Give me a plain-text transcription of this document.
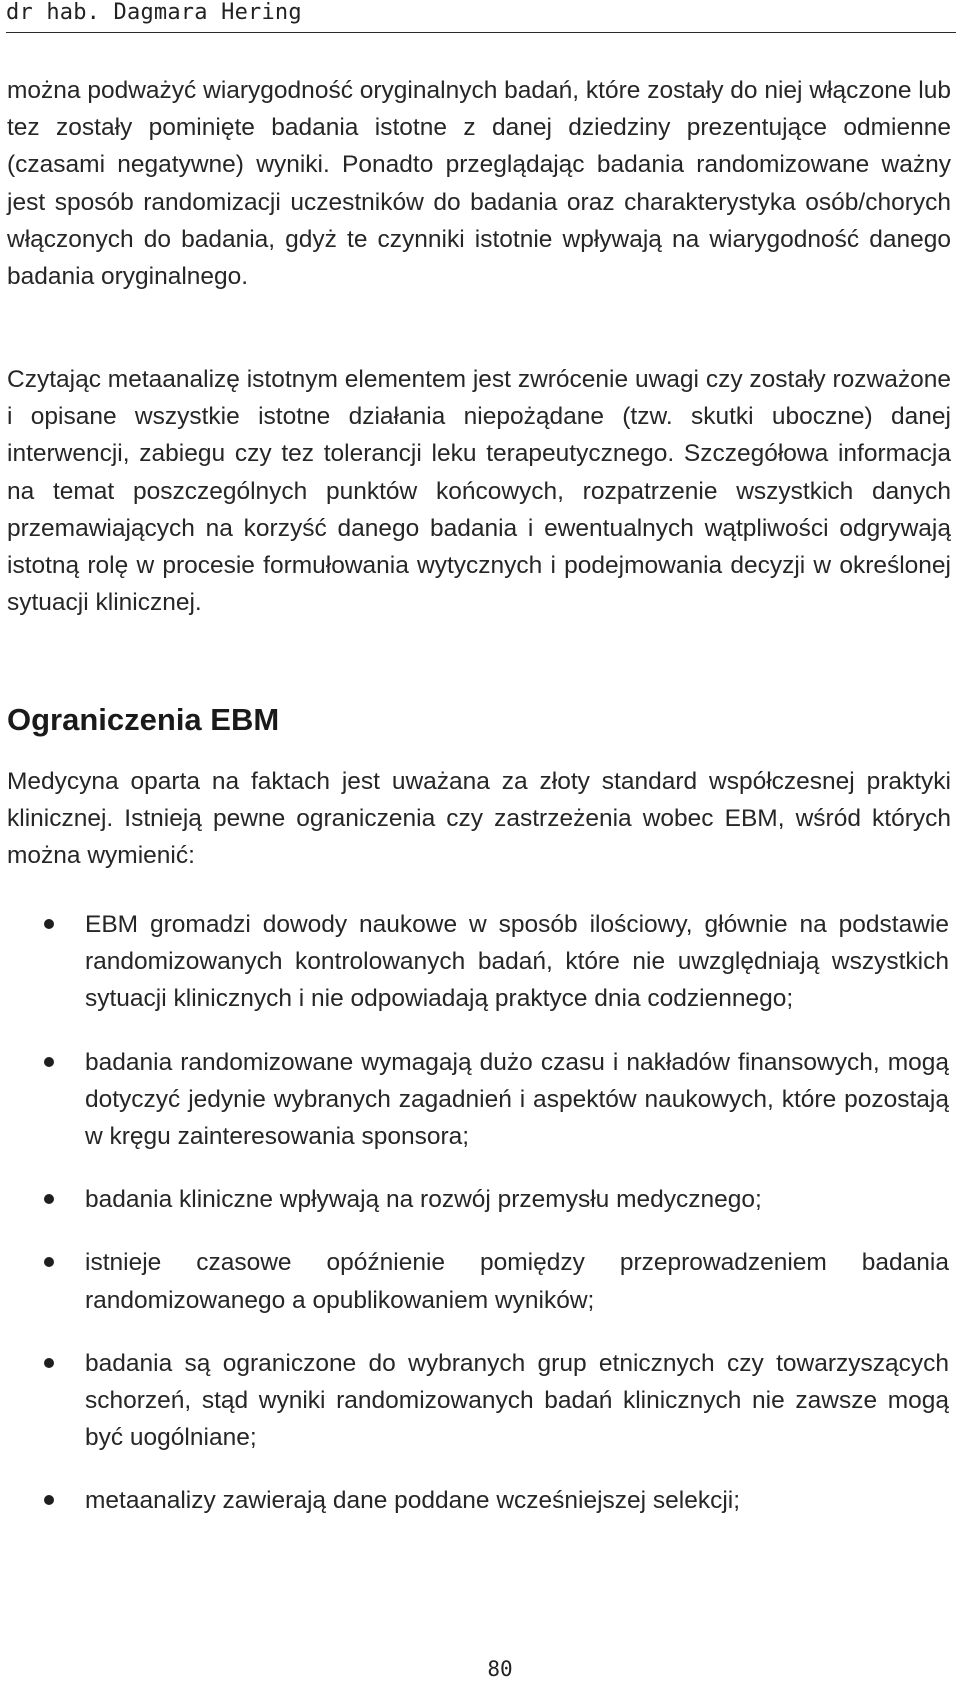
dr hab. Dagmara Hering

można podważyć wiarygodność oryginalnych badań, które zostały do niej włączone lub tez zostały pominięte badania istotne z danej dziedziny prezentujące odmienne (czasami negatywne) wyniki. Ponadto przeglądając badania randomizowane ważny jest sposób randomizacji uczestników do badania oraz charakterystyka osób/chorych włączonych do badania, gdyż te czynniki istotnie wpływają na wiarygodność danego badania oryginalnego.

Czytając metaanalizę istotnym elementem jest zwrócenie uwagi czy zostały rozważone i opisane wszystkie istotne działania niepożądane (tzw. skutki uboczne) danej interwencji, zabiegu czy tez tolerancji leku terapeutycznego. Szczegółowa informacja na temat poszczególnych punktów końcowych, rozpatrzenie wszystkich danych przemawiających na korzyść danego badania i ewentualnych wątpliwości odgrywają istotną rolę w procesie formułowania wytycznych i podejmowania decyzji w określonej sytuacji klinicznej.

Ograniczenia EBM

Medycyna oparta na faktach jest uważana za złoty standard współczesnej praktyki klinicznej. Istnieją pewne ograniczenia czy zastrzeżenia wobec EBM, wśród których można wymienić:

EBM gromadzi dowody naukowe w sposób ilościowy, głównie na podstawie randomizowanych kontrolowanych badań, które nie uwzględniają wszystkich sytuacji klinicznych i nie odpowiadają praktyce dnia codziennego;
badania randomizowane wymagają dużo czasu i nakładów finansowych, mogą dotyczyć jedynie wybranych zagadnień i aspektów naukowych, które pozostają w kręgu zainteresowania sponsora;
badania kliniczne wpływają na rozwój przemysłu medycznego;
istnieje czasowe opóźnienie pomiędzy przeprowadzeniem badania randomizowanego a opublikowaniem wyników;
badania są ograniczone do wybranych grup etnicznych czy towarzyszących schorzeń, stąd wyniki randomizowanych badań klinicznych nie zawsze mogą być uogólniane;
metaanalizy zawierają dane poddane wcześniejszej selekcji;
80
